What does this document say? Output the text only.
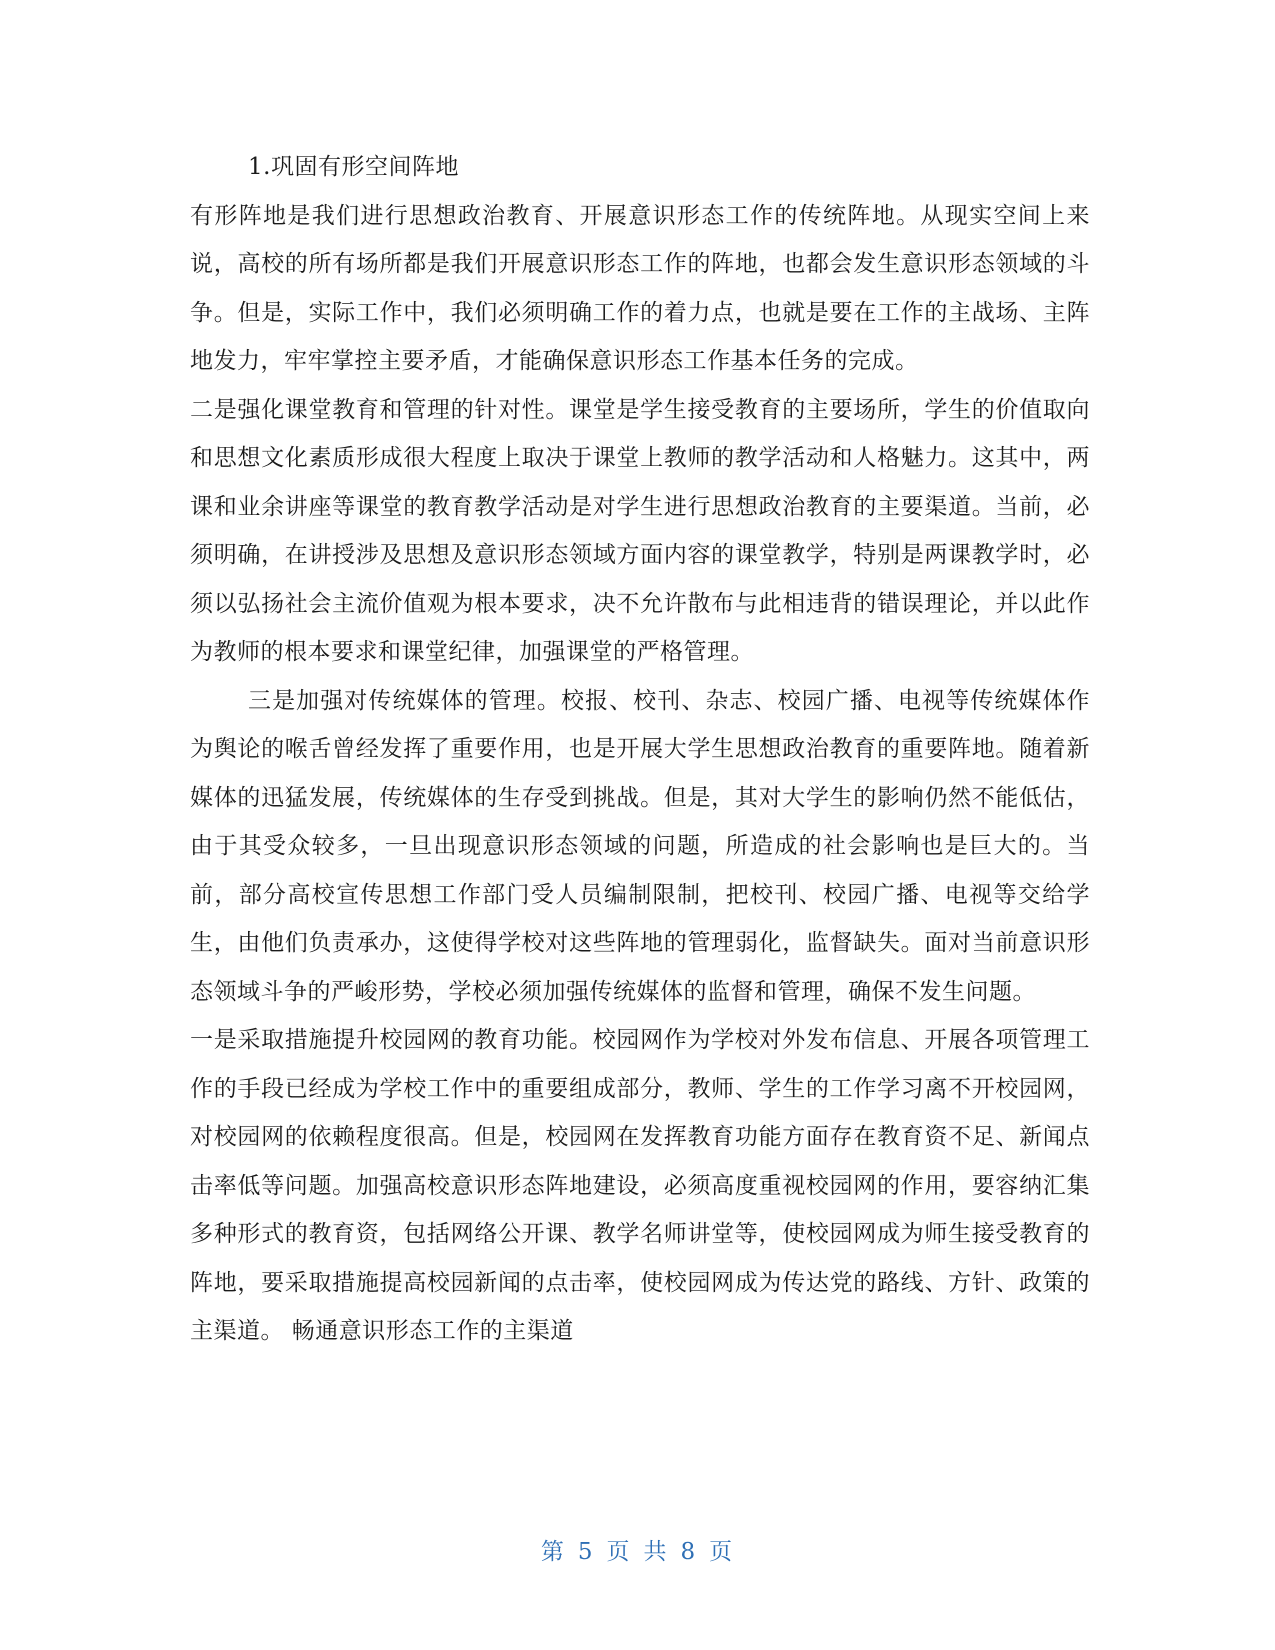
1.巩固有形空间阵地

有形阵地是我们进行思想政治教育、开展意识形态工作的传统阵地。从现实空间上来说，高校的所有场所都是我们开展意识形态工作的阵地，也都会发生意识形态领域的斗争。但是，实际工作中，我们必须明确工作的着力点，也就是要在工作的主战场、主阵地发力，牢牢掌控主要矛盾，才能确保意识形态工作基本任务的完成。

二是强化课堂教育和管理的针对性。课堂是学生接受教育的主要场所，学生的价值取向和思想文化素质形成很大程度上取决于课堂上教师的教学活动和人格魅力。这其中，两课和业余讲座等课堂的教育教学活动是对学生进行思想政治教育的主要渠道。当前，必须明确，在讲授涉及思想及意识形态领域方面内容的课堂教学，特别是两课教学时，必须以弘扬社会主流价值观为根本要求，决不允许散布与此相违背的错误理论，并以此作为教师的根本要求和课堂纪律，加强课堂的严格管理。

三是加强对传统媒体的管理。校报、校刊、杂志、校园广播、电视等传统媒体作为舆论的喉舌曾经发挥了重要作用，也是开展大学生思想政治教育的重要阵地。随着新媒体的迅猛发展，传统媒体的生存受到挑战。但是，其对大学生的影响仍然不能低估，由于其受众较多，一旦出现意识形态领域的问题，所造成的社会影响也是巨大的。当前，部分高校宣传思想工作部门受人员编制限制，把校刊、校园广播、电视等交给学生，由他们负责承办，这使得学校对这些阵地的管理弱化，监督缺失。面对当前意识形态领域斗争的严峻形势，学校必须加强传统媒体的监督和管理，确保不发生问题。

一是采取措施提升校园网的教育功能。校园网作为学校对外发布信息、开展各项管理工作的手段已经成为学校工作中的重要组成部分，教师、学生的工作学习离不开校园网，对校园网的依赖程度很高。但是，校园网在发挥教育功能方面存在教育资不足、新闻点击率低等问题。加强高校意识形态阵地建设，必须高度重视校园网的作用，要容纳汇集多种形式的教育资，包括网络公开课、教学名师讲堂等，使校园网成为师生接受教育的阵地，要采取措施提高校园新闻的点击率，使校园网成为传达党的路线、方针、政策的主渠道。 畅通意识形态工作的主渠道

第 5 页 共 8 页
